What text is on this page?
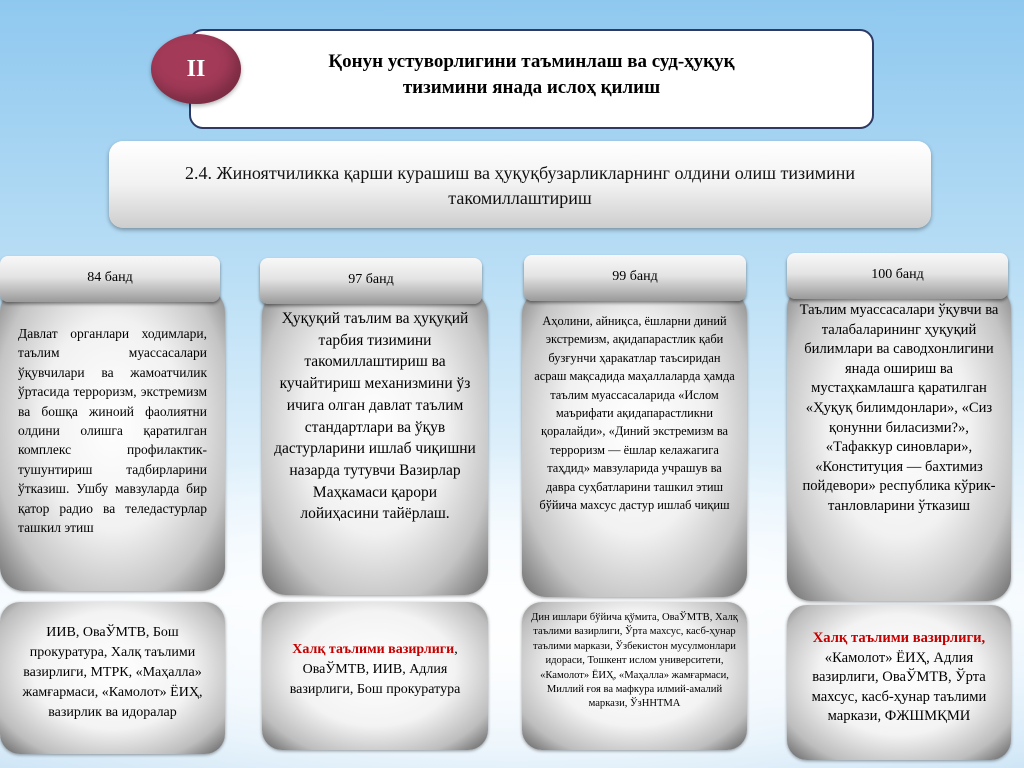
Қонун устуворлигини таъминлаш ва суд-ҳуқуқ
тизимини янада ислоҳ қилиш
II
2.4. Жиноятчиликка қарши курашиш ва ҳуқуқбузарликларнинг олдини олиш тизимини такомиллаштириш
Давлат органлари ходимлари, таълим муассасалари ўқувчилари ва жамоатчилик ўртасида терроризм, экстремизм ва бошқа жиноий фаолиятни олдини олишга қаратилган комплекс профилактик-тушунтириш тадбирларини ўтказиш. Ушбу мавзуларда бир қатор радио ва теледастурлар ташкил этиш
84 банд
ИИВ, ОваЎМТВ, Бош прокуратура, Халқ таълими вазирлиги, МТРК, «Маҳалла» жамғармаси, «Камолот» ЁИҲ, вазирлик ва идоралар
Ҳуқуқий таълим ва ҳуқуқий тарбия тизимини такомиллаштириш ва кучайтириш механизмини ўз ичига олган давлат таълим стандартлари ва ўқув дастурларини ишлаб чиқишни назарда тутувчи Вазирлар Маҳкамаси қарори лойиҳасини тайёрлаш.
97 банд
Халқ таълими вазирлиги, ОваЎМТВ, ИИВ, Адлия вазирлиги, Бош прокуратура
Аҳолини, айниқса, ёшларни диний экстремизм, ақидапарастлик қаби бузғунчи ҳаракатлар таъсиридан асраш мақсадида маҳаллаларда ҳамда таълим муассасаларида «Ислом маърифати ақидапарастликни қоралайди», «Диний экстремизм ва терроризм — ёшлар келажагига таҳдид» мавзуларида учрашув ва давра суҳбатларини ташкил этиш бўйича махсус дастур ишлаб чиқиш
99 банд
Дин ишлари бўйича қўмита, ОваЎМТВ, Халқ таълими вазирлиги, Ўрта махсус, касб-ҳунар таълими маркази, Ўзбекистон мусулмонлари идораси, Тошкент ислом университети, «Камолот» ЁИҲ, «Маҳалла» жамғармаси, Миллий ғоя ва мафкура илмий-амалий маркази, ЎзННТМА
Таълим муассасалари ўқувчи ва талабаларининг ҳуқуқий билимлари ва саводхонлигини янада ошириш ва мустаҳкамлашга қаратилган «Ҳуқуқ билимдонлари», «Сиз қонунни биласизми?», «Тафаккур синовлари», «Конституция — бахтимиз пойдевори» республика кўрик-танловларини ўтказиш
100 банд
Халқ таълими вазирлиги,
«Камолот» ЁИҲ, Адлия вазирлиги, ОваЎМТВ, Ўрта махсус, касб-ҳунар таълими маркази, ФЖШМҚМИ
